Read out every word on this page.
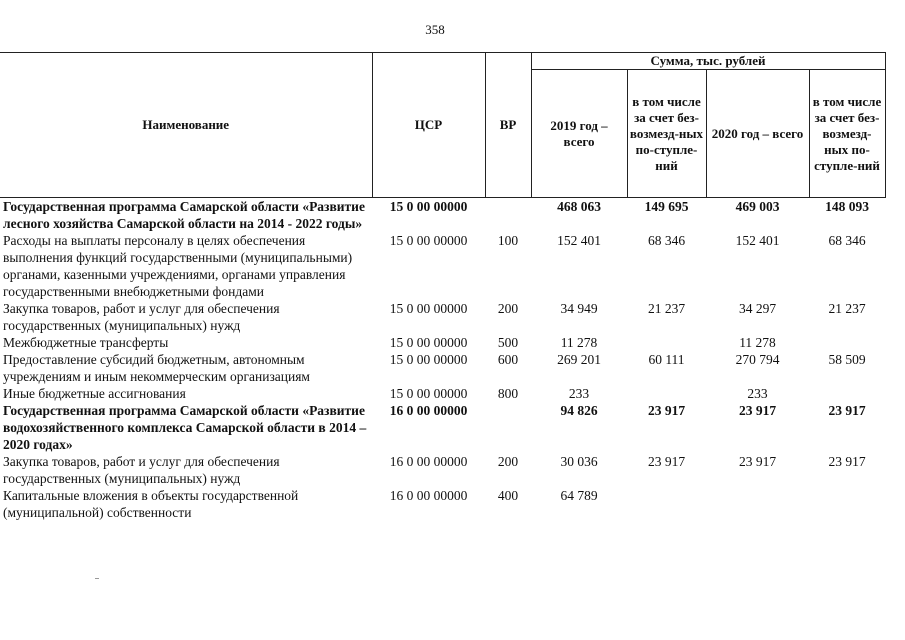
358
Наименование	ЦСР	ВР	Сумма, тыс. рублей			
			2019 год – всего	в том числе за счет без-возмезд-ных по-ступле-ний	2020 год – всего	в том числе за счет без-возмезд-ных по-ступле-ний
Государственная программа Самарской области «Развитие лесного хозяйства Самарской области на 2014 - 2022 годы»	15 0 00 00000		468 063	149 695	469 003	148 093
Расходы на выплаты персоналу в целях обеспечения выполнения функций государственными (муниципальными) органами, казенными учреждениями, органами управления государственными внебюджетными фондами	15 0 00 00000	100	152 401	68 346	152 401	68 346
Закупка товаров, работ и услуг для обеспечения государственных (муниципальных) нужд	15 0 00 00000	200	34 949	21 237	34 297	21 237
Межбюджетные трансферты	15 0 00 00000	500	11 278		11 278	
Предоставление субсидий бюджетным, автономным учреждениям и иным некоммерческим организациям	15 0 00 00000	600	269 201	60 111	270 794	58 509
Иные бюджетные ассигнования	15 0 00 00000	800	233		233	
Государственная программа Самарской области «Развитие водохозяйственного комплекса Самарской области в 2014 – 2020 годах»	16 0 00 00000		94 826	23 917	23 917	23 917
Закупка товаров, работ и услуг для обеспечения государственных (муниципальных) нужд	16 0 00 00000	200	30 036	23 917	23 917	23 917
Капитальные вложения в объекты государственной (муниципальной) собственности	16 0 00 00000	400	64 789			
